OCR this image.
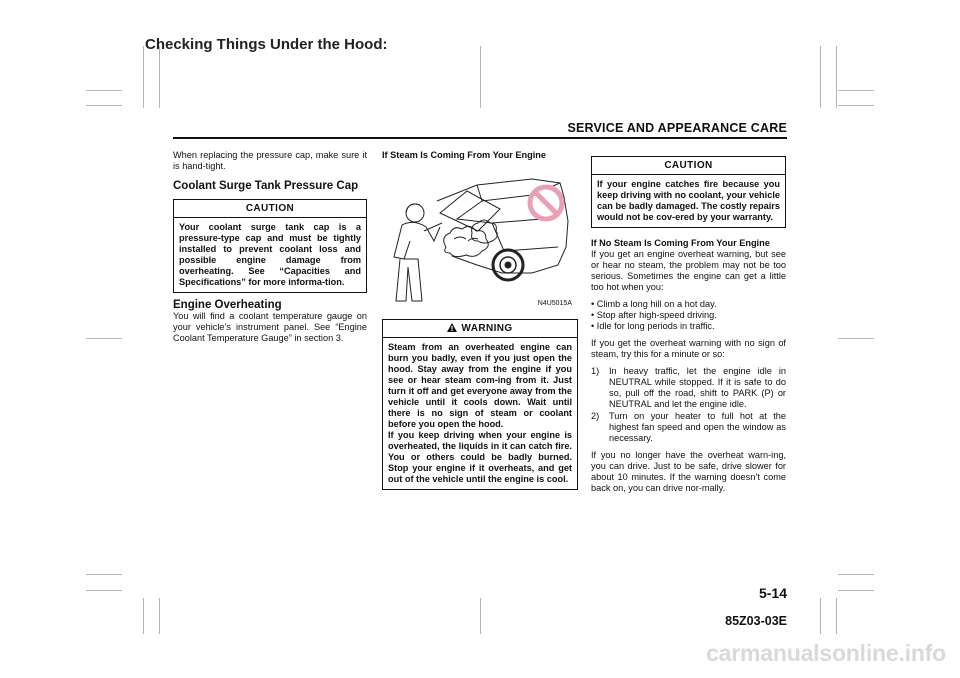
Checking Things Under the Hood:
SERVICE AND APPEARANCE CARE

When replacing the pressure cap, make sure it is hand-tight.

Coolant Surge Tank Pressure Cap
CAUTION
Your coolant surge tank cap is a pressure-type cap and must be tightly installed to prevent coolant loss and possible engine damage from overheating. See “Capacities and Specifications” for more informa-tion.
Engine Overheating

You will find a coolant temperature gauge on your vehicle’s instrument panel. See “Engine Coolant Temperature Gauge” in section 3.

If Steam Is Coming From Your Engine
N4U5015A
WARNING
Steam from an overheated engine can burn you badly, even if you just open the hood. Stay away from the engine if you see or hear steam com-ing from it. Just turn it off and get everyone away from the vehicle until it cools down. Wait until there is no sign of steam or coolant before you open the hood.
If you keep driving when your engine is overheated, the liquids in it can catch fire. You or others could be badly burned. Stop your engine if it overheats, and get out of the vehicle until the engine is cool.
CAUTION
If your engine catches fire because you keep driving with no coolant, your vehicle can be badly damaged. The costly repairs would not be cov-ered by your warranty.
If No Steam Is Coming From Your Engine

If you get an engine overheat warning, but see or hear no steam, the problem may not be too serious. Sometimes the engine can get a little too hot when you:

• Climb a long hill on a hot day.
• Stop after high-speed driving.
• Idle for long periods in traffic.

If you get the overheat warning with no sign of steam, try this for a minute or so:

1) In heavy traffic, let the engine idle in NEUTRAL while stopped. If it is safe to do so, pull off the road, shift to PARK (P) or NEUTRAL and let the engine idle.
2) Turn on your heater to full hot at the highest fan speed and open the window as necessary.

If you no longer have the overheat warn-ing, you can drive. Just to be safe, drive slower for about 10 minutes. If the warning doesn’t come back on, you can drive nor-mally.

5-14
85Z03-03E
carmanualsonline.info
